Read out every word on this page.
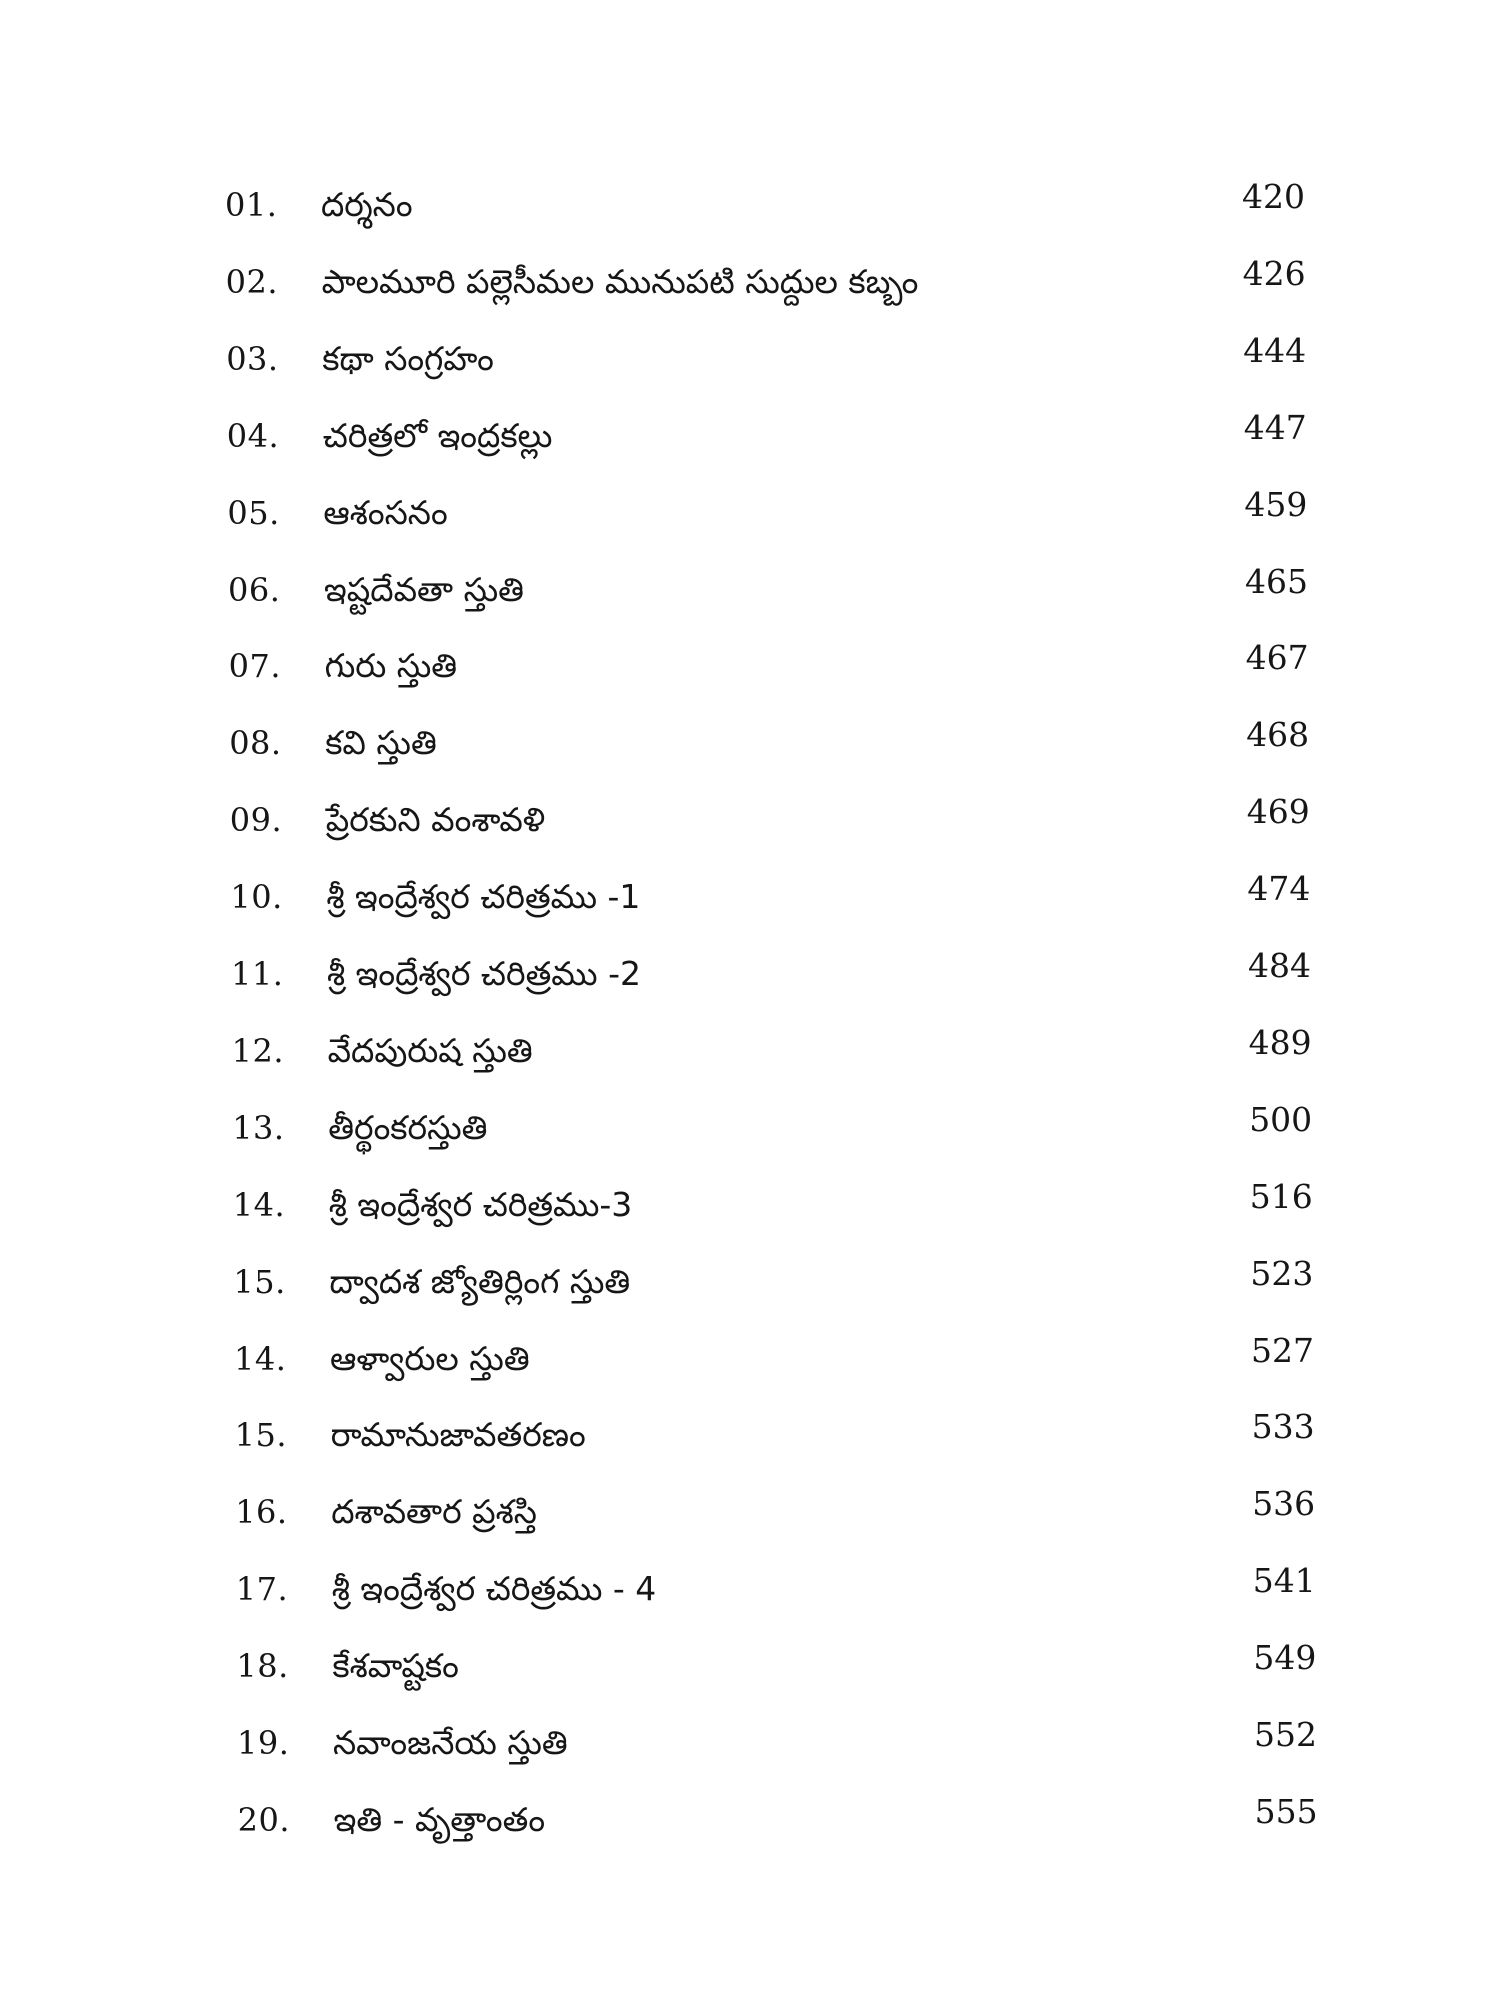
01. దర్శనం	420
02. పాలమూరి పల్లెసీమల మునుపటి సుద్దుల కబ్బం	426
03. కథా సంగ్రహం	444
04. చరిత్రలో ఇంద్రకల్లు	447
05. ఆశంసనం	459
06. ఇష్టదేవతా స్తుతి	465
07. గురు స్తుతి	467
08. కవి స్తుతి	468
09. ప్రేరకుని వంశావళి	469
10. శ్రీ ఇంద్రేశ్వర చరిత్రము -1	474
11. శ్రీ ఇంద్రేశ్వర చరిత్రము -2	484
12. వేదపురుష స్తుతి	489
13. తీర్థంకరస్తుతి	500
14. శ్రీ ఇంద్రేశ్వర చరిత్రము-3	516
15. ద్వాదశ జ్యోతిర్లింగ స్తుతి	523
14. ఆళ్వారుల స్తుతి	527
15. రామానుజావతరణం	533
16. దశావతార ప్రశస్తి	536
17. శ్రీ ఇంద్రేశ్వర చరిత్రము - 4	541
18. కేశవాష్టకం	549
19. నవాంజనేయ స్తుతి	552
20. ఇతి - వృత్తాంతం	555
